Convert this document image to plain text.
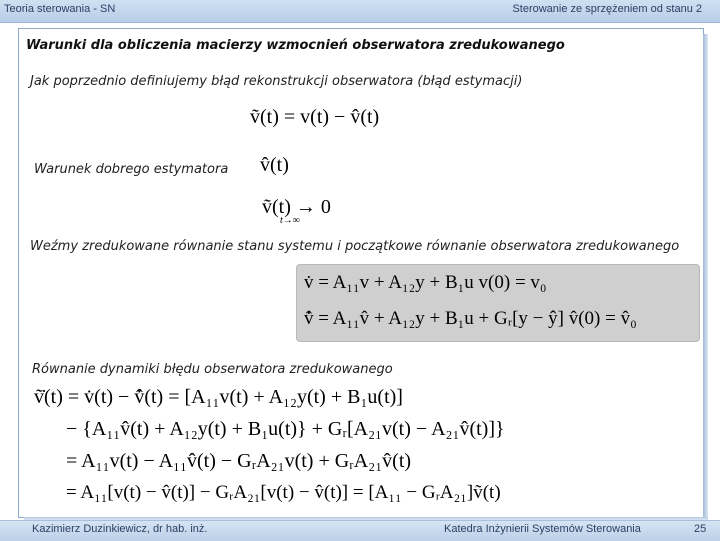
Teoria sterowania - SN	Sterowanie ze sprzężeniem od stanu 2
Warunki dla obliczenia macierzy wzmocnień obserwatora zredukowanego
Jak poprzednio definiujemy błąd rekonstrukcji obserwatora (błąd estymacji)
ṽ(t) = v(t) − v̂(t)
Warunek dobrego estymatora v̂(t)
ṽ(t) → 0
t→∞
Weźmy zredukowane równanie stanu systemu i początkowe równanie obserwatora zredukowanego
v̇ = A₁₁v + A₁₂y + B₁u v(0) = v₀
v̂̇ = A₁₁v̂ + A₁₂y + B₁u + Gᵣ[y − ŷ] v̂(0) = v̂₀
Równanie dynamiki błędu obserwatora zredukowanego
ṽ̇(t) = v̇(t) − v̂̇(t) = [A₁₁v(t) + A₁₂y(t) + B₁u(t)]
− {A₁₁v̂(t) + A₁₂y(t) + B₁u(t)} + Gᵣ[A₂₁v(t) − A₂₁v̂(t)]}
= A₁₁v(t) − A₁₁v̂(t) − GᵣA₂₁v(t) + GᵣA₂₁v̂(t)
= A₁₁[v(t) − v̂(t)] − GᵣA₂₁[v(t) − v̂(t)] = [A₁₁ − GᵣA₂₁]ṽ(t)
Kazimierz Duzinkiewicz, dr hab. inż.	Katedra Inżynierii Systemów Sterowania	25
